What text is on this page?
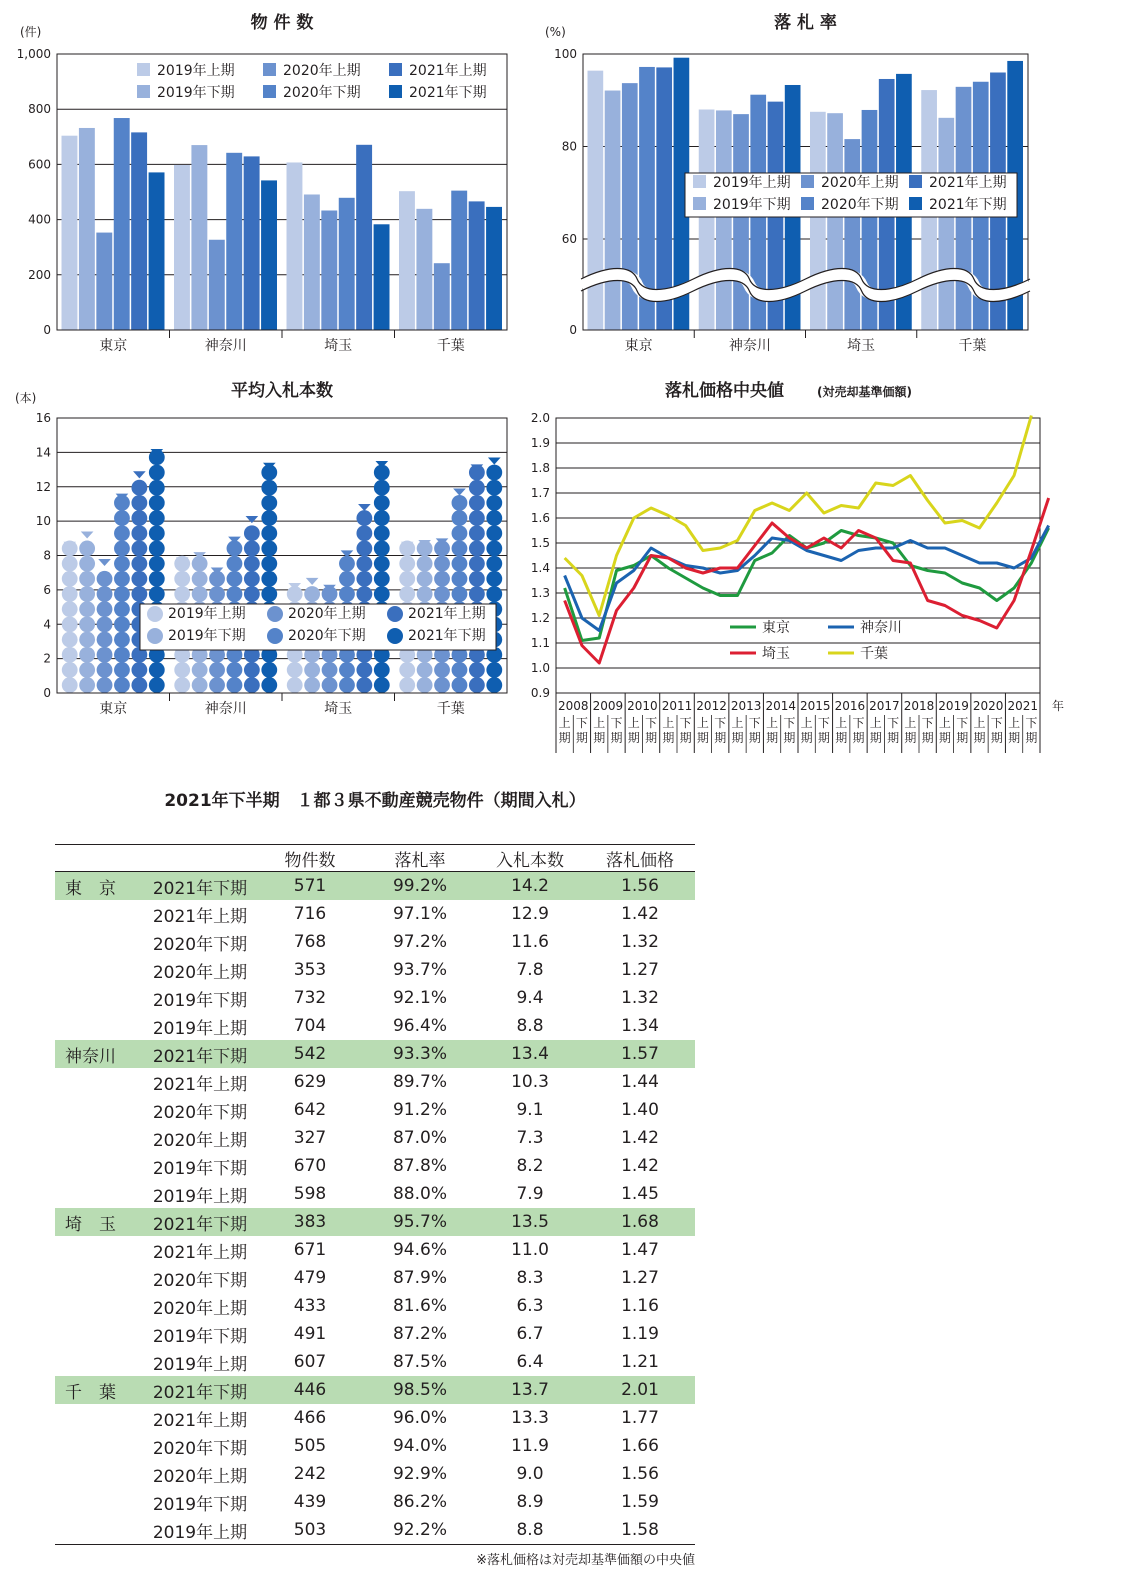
物 件 数
(件)
0
200
400
600
800
1,000
東京	神奈川	埼玉	千葉
2019年上期	2020年上期	2021年上期
2019年下期	2020年下期	2021年下期
落 札 率
(%)
0
60
80
100
東京	神奈川	埼玉	千葉
2019年上期 2020年上期 2021年上期
2019年下期 2020年下期 2021年下期
平均入札本数
(本)
0
2
4
6
8
10
12
14
16
東京	神奈川	埼玉	千葉
2019年上期	2020年上期	2021年上期
2019年下期	2020年下期	2021年下期
落札価格中央値	(対売却基準価額)
0.9
1.0
1.1
1.2
1.3
1.4
1.5
1.6
1.7
1.8
1.9
2.0
2008
上
期
下
期
2009
上
期
下
期
2010
上
期
下
期
2011
上
期
下
期
2012
上
期
下
期
2013
上
期
下
期
2014
上
期
下
期
2015
上
期
下
期
2016
上
期
下
期
2017
上
期
下
期
2018
上
期
下
期
2019
上
期
下
期
2020
上
期
下
期
2021
上
期
下
期
年
東京	神奈川
埼玉	千葉
2021年下半期　１都３県不動産競売物件（期間入札）
		物件数	落札率	入札本数	落札価格
東　京	2021年下期	571	99.2%	14.2	1.56
	2021年上期	716	97.1%	12.9	1.42
	2020年下期	768	97.2%	11.6	1.32
	2020年上期	353	93.7%	7.8	1.27
	2019年下期	732	92.1%	9.4	1.32
	2019年上期	704	96.4%	8.8	1.34
神奈川	2021年下期	542	93.3%	13.4	1.57
	2021年上期	629	89.7%	10.3	1.44
	2020年下期	642	91.2%	9.1	1.40
	2020年上期	327	87.0%	7.3	1.42
	2019年下期	670	87.8%	8.2	1.42
	2019年上期	598	88.0%	7.9	1.45
埼　玉	2021年下期	383	95.7%	13.5	1.68
	2021年上期	671	94.6%	11.0	1.47
	2020年下期	479	87.9%	8.3	1.27
	2020年上期	433	81.6%	6.3	1.16
	2019年下期	491	87.2%	6.7	1.19
	2019年上期	607	87.5%	6.4	1.21
千　葉	2021年下期	446	98.5%	13.7	2.01
	2021年上期	466	96.0%	13.3	1.77
	2020年下期	505	94.0%	11.9	1.66
	2020年上期	242	92.9%	9.0	1.56
	2019年下期	439	86.2%	8.9	1.59
	2019年上期	503	92.2%	8.8	1.58
※落札価格は対売却基準価額の中央値
